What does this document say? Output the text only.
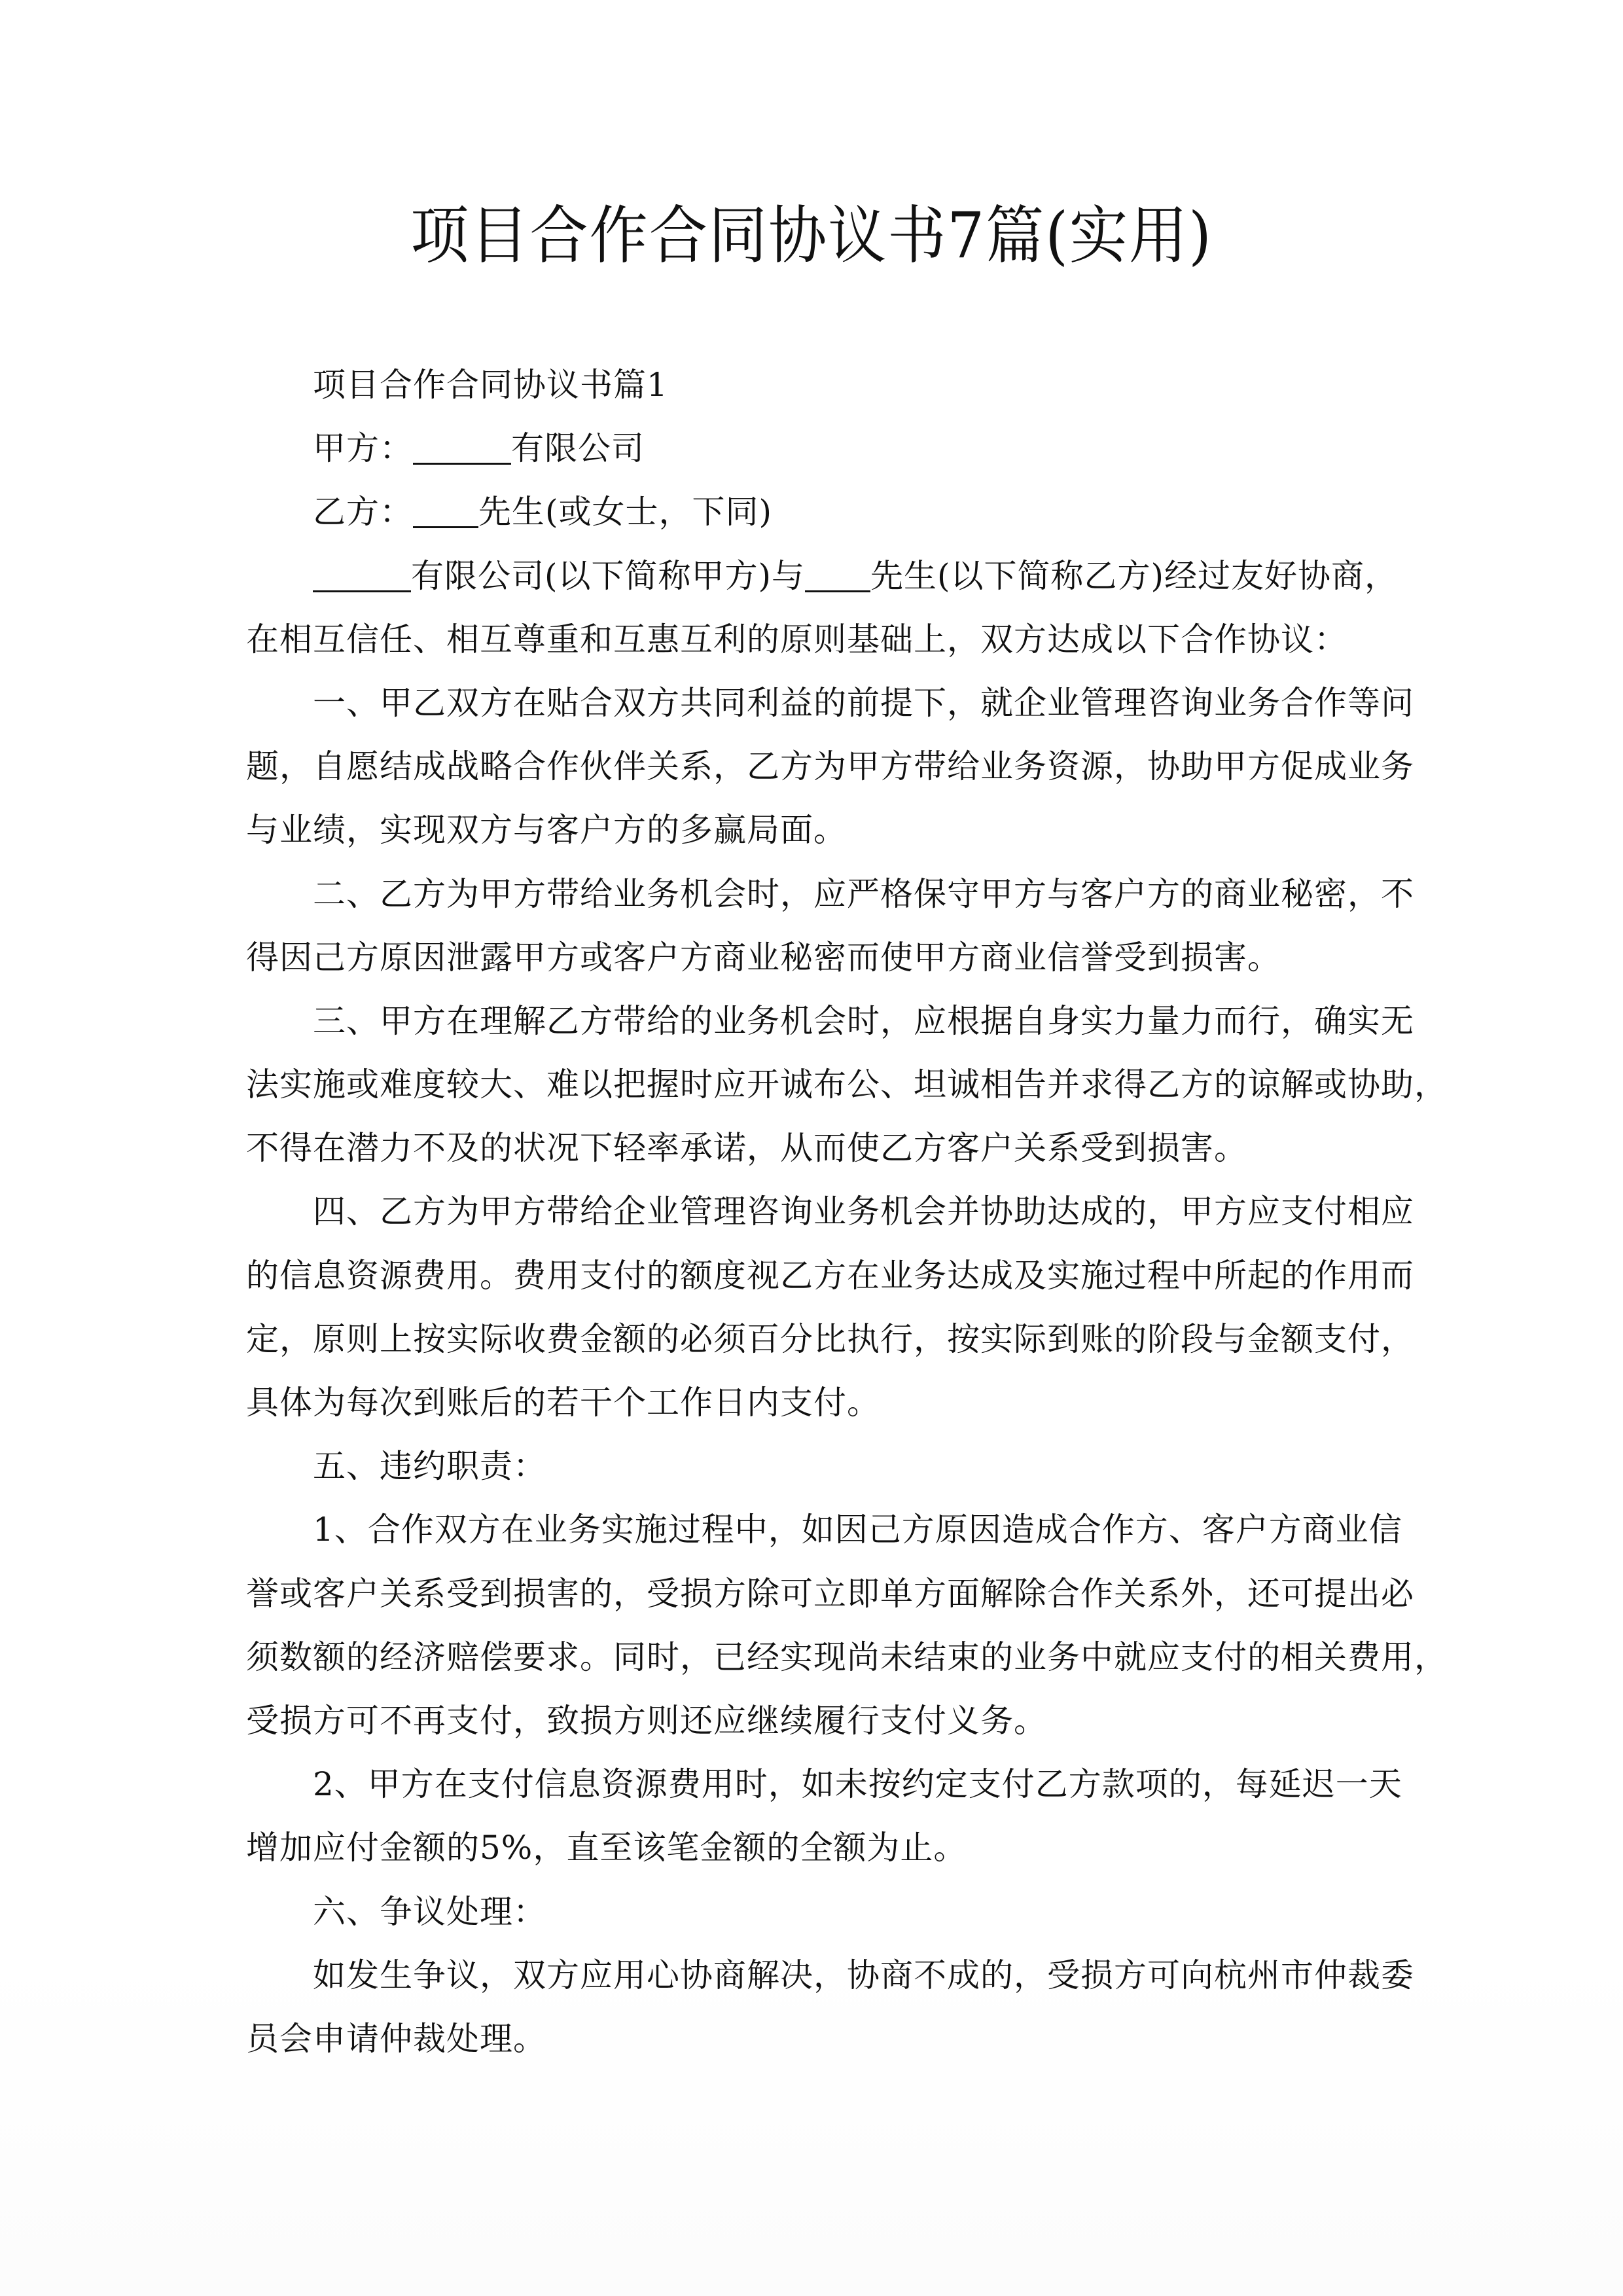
项目合作合同协议书7篇(实用)
项目合作合同协议书篇1
甲方：	有限公司
乙方： 先生(或女士，下同)
有限公司(以下简称甲方)与 先生(以下简称乙方)经过友好协商，
在相互信任、相互尊重和互惠互利的原则基础上，双方达成以下合作协议：
一、甲乙双方在贴合双方共同利益的前提下，就企业管理咨询业务合作等问
题，自愿结成战略合作伙伴关系，乙方为甲方带给业务资源，协助甲方促成业务
与业绩，实现双方与客户方的多赢局面。
二、乙方为甲方带给业务机会时，应严格保守甲方与客户方的商业秘密，不
得因己方原因泄露甲方或客户方商业秘密而使甲方商业信誉受到损害。
三、甲方在理解乙方带给的业务机会时，应根据自身实力量力而行，确实无
法实施或难度较大、难以把握时应开诚布公、坦诚相告并求得乙方的谅解或协助，
不得在潜力不及的状况下轻率承诺，从而使乙方客户关系受到损害。
四、乙方为甲方带给企业管理咨询业务机会并协助达成的，甲方应支付相应
的信息资源费用。费用支付的额度视乙方在业务达成及实施过程中所起的作用而
定，原则上按实际收费金额的必须百分比执行，按实际到账的阶段与金额支付，
具体为每次到账后的若干个工作日内支付。
五、违约职责：
1、合作双方在业务实施过程中，如因己方原因造成合作方、客户方商业信
誉或客户关系受到损害的，受损方除可立即单方面解除合作关系外，还可提出必
须数额的经济赔偿要求。同时，已经实现尚未结束的业务中就应支付的相关费用，
受损方可不再支付，致损方则还应继续履行支付义务。
2、甲方在支付信息资源费用时，如未按约定支付乙方款项的，每延迟一天
增加应付金额的5%，直至该笔金额的全额为止。
六、争议处理：
如发生争议，双方应用心协商解决，协商不成的，受损方可向杭州市仲裁委
员会申请仲裁处理。
